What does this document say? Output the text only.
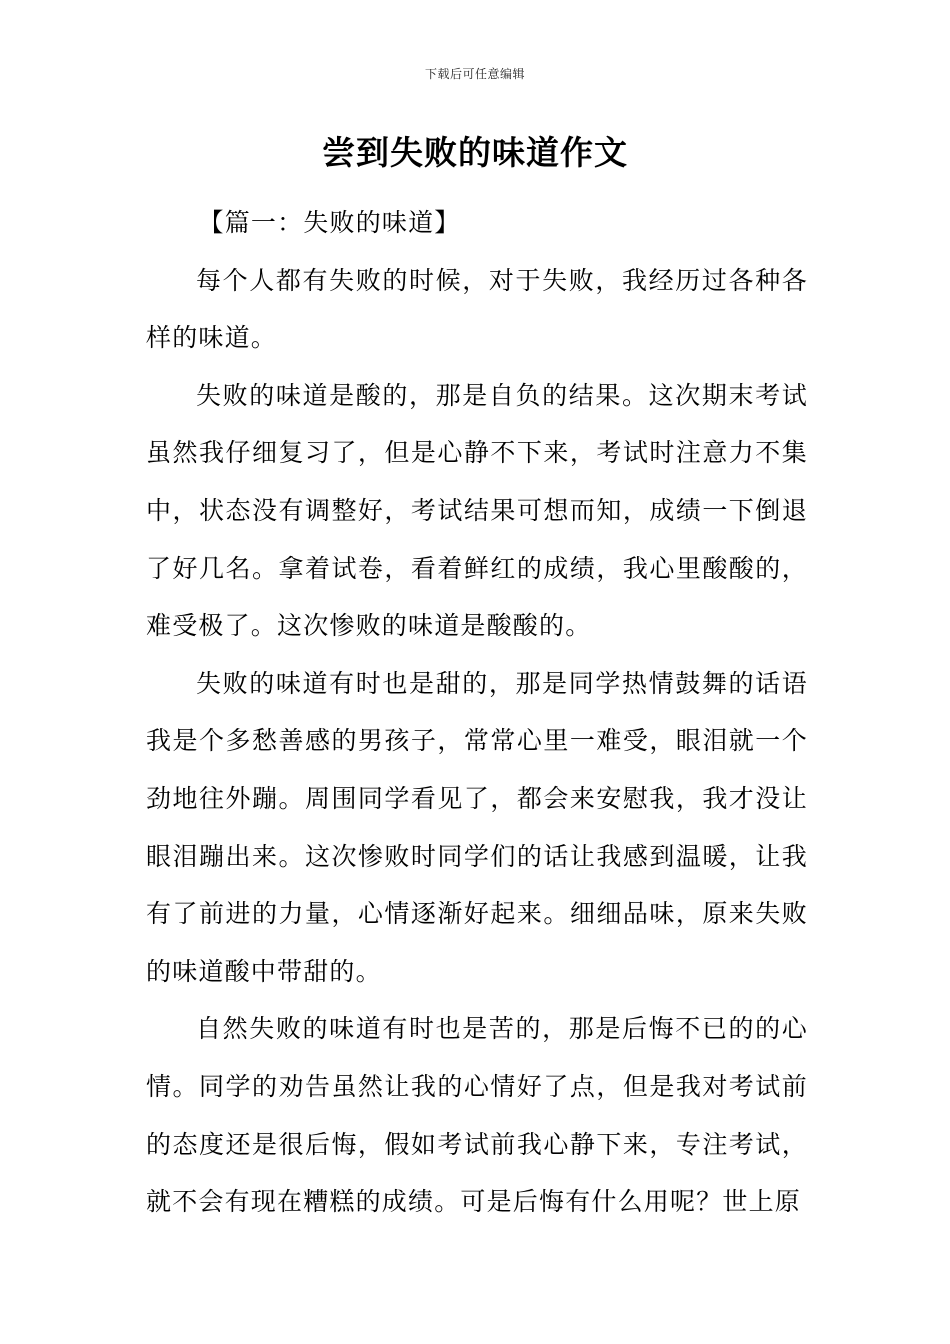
下载后可任意编辑
尝到失败的味道作文

【篇一：失败的味道】

每个人都有失败的时候，对于失败，我经历过各种各样的味道。

失败的味道是酸的，那是自负的结果。这次期末考试虽然我仔细复习了，但是心静不下来，考试时注意力不集中，状态没有调整好，考试结果可想而知，成绩一下倒退了好几名。拿着试卷，看着鲜红的成绩，我心里酸酸的，难受极了。这次惨败的味道是酸酸的。

失败的味道有时也是甜的，那是同学热情鼓舞的话语我是个多愁善感的男孩子，常常心里一难受，眼泪就一个劲地往外蹦。周围同学看见了，都会来安慰我，我才没让眼泪蹦出来。这次惨败时同学们的话让我感到温暖，让我有了前进的力量，心情逐渐好起来。细细品味，原来失败的味道酸中带甜的。

自然失败的味道有时也是苦的，那是后悔不已的的心情。同学的劝告虽然让我的心情好了点，但是我对考试前的态度还是很后悔，假如考试前我心静下来，专注考试，就不会有现在糟糕的成绩。可是后悔有什么用呢？世上原
